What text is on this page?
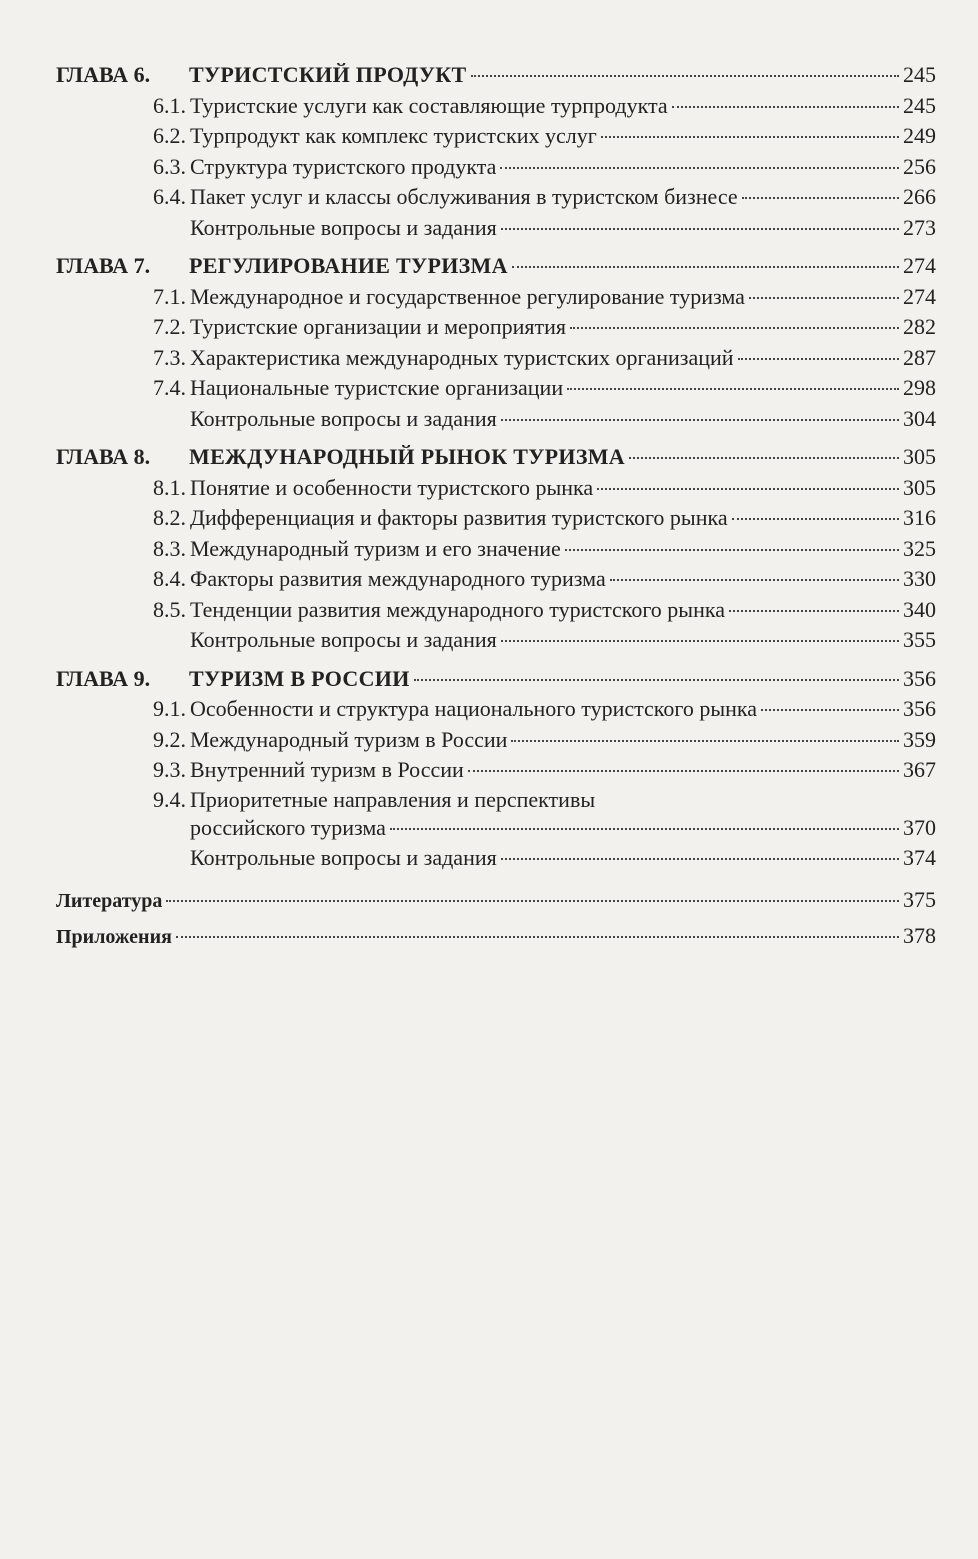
ГЛАВА 6.	ТУРИСТСКИЙ ПРОДУКТ	245
6.1. Туристские услуги как составляющие турпродукта	245
6.2. Турпродукт как комплекс туристских услуг	249
6.3. Структура туристского продукта	256
6.4. Пакет услуг и классы обслуживания в туристском бизнесе	266
Контрольные вопросы и задания	273
ГЛАВА 7.	РЕГУЛИРОВАНИЕ ТУРИЗМА	274
7.1. Международное и государственное регулирование туризма	274
7.2. Туристские организации и мероприятия	282
7.3. Характеристика международных туристских организаций	287
7.4. Национальные туристские организации	298
Контрольные вопросы и задания	304
ГЛАВА 8.	МЕЖДУНАРОДНЫЙ РЫНОК ТУРИЗМА	305
8.1. Понятие и особенности туристского рынка	305
8.2. Дифференциация и факторы развития туристского рынка	316
8.3. Международный туризм и его значение	325
8.4. Факторы развития международного туризма	330
8.5. Тенденции развития международного туристского рынка	340
Контрольные вопросы и задания	355
ГЛАВА 9.	ТУРИЗМ В РОССИИ	356
9.1. Особенности и структура национального туристского рынка	356
9.2. Международный туризм в России	359
9.3. Внутренний туризм в России	367
9.4. Приоритетные направления и перспективы
российского туризма	370
Контрольные вопросы и задания	374
Литература	375
Приложения	378
